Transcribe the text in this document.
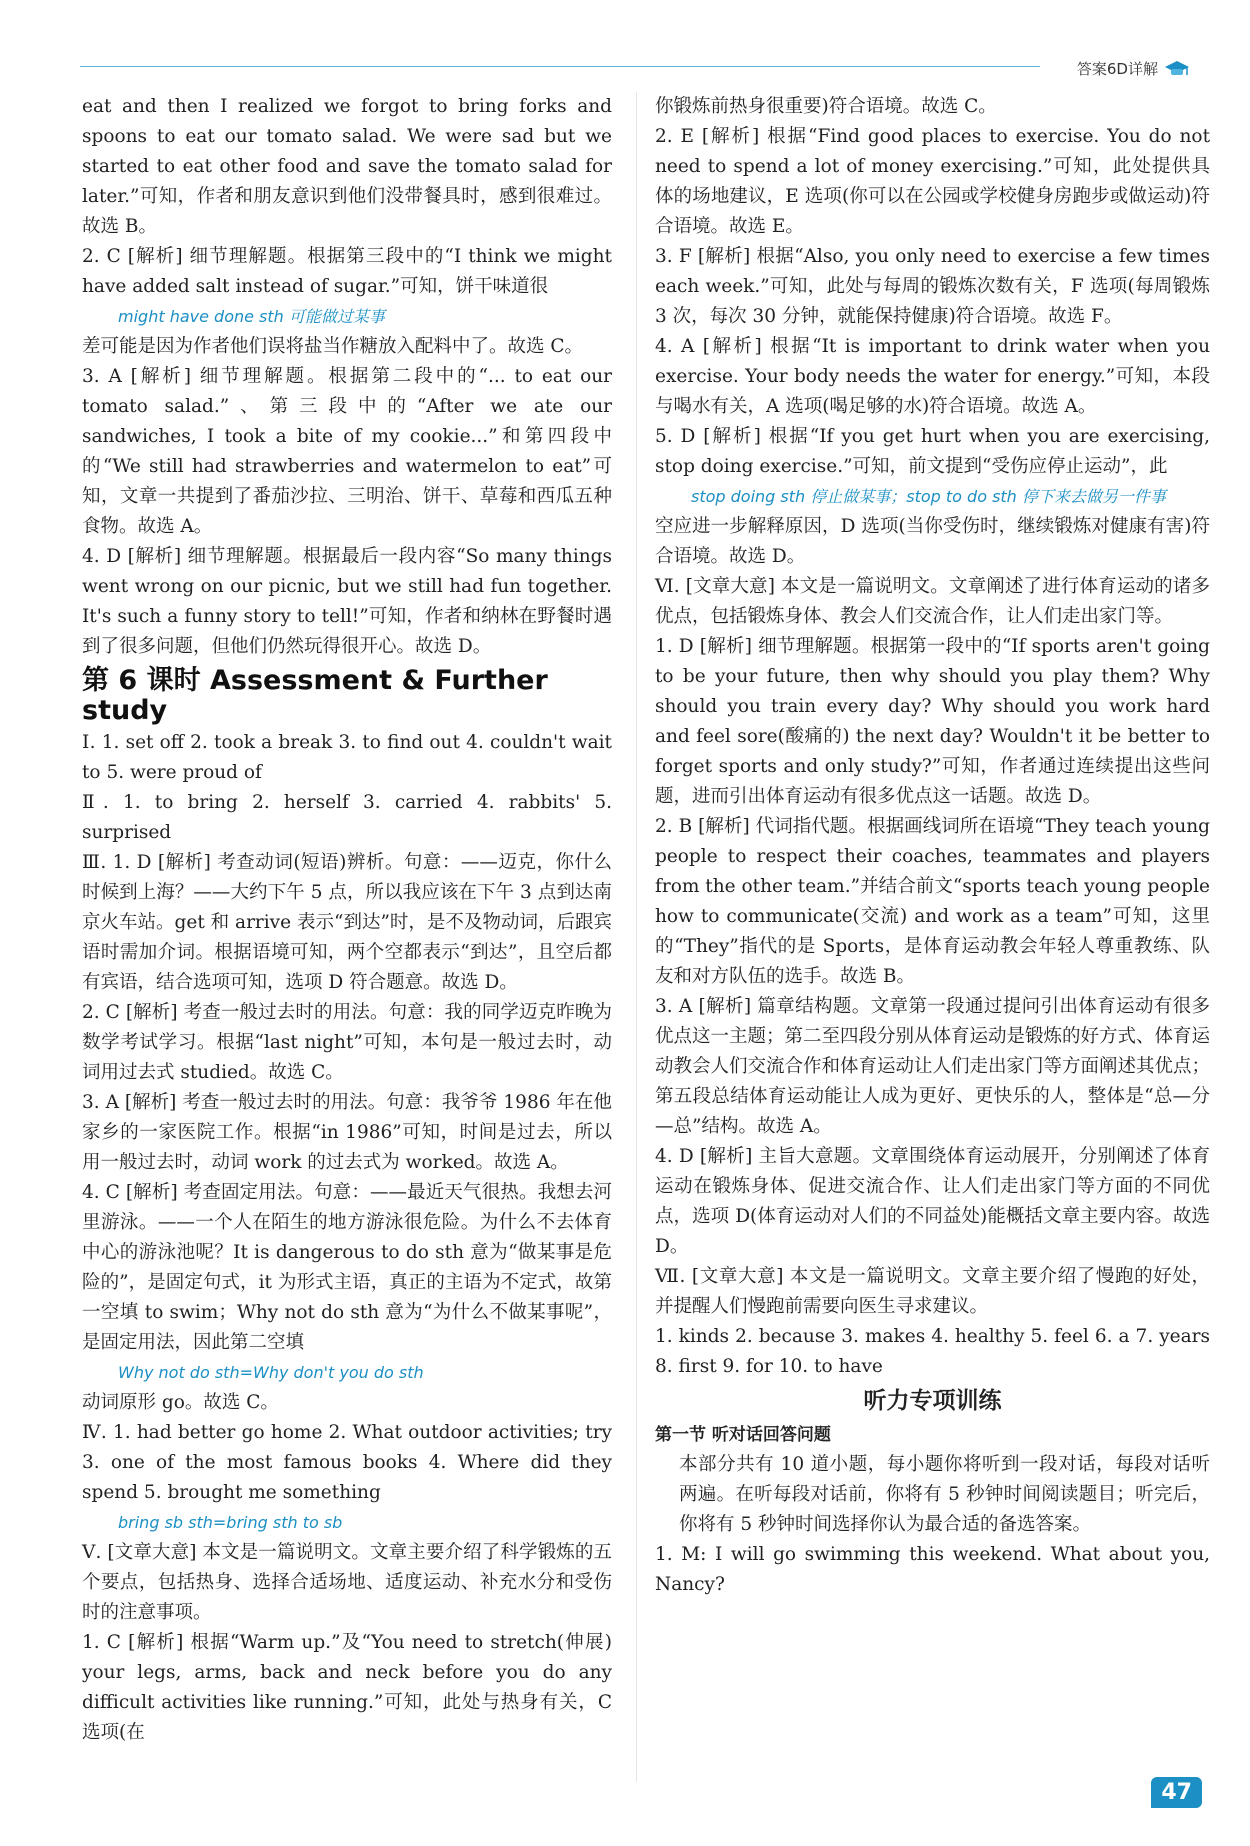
答案6D详解

eat and then I realized we forgot to bring forks and spoons to eat our tomato salad. We were sad but we started to eat other food and save the tomato salad for later.”可知，作者和朋友意识到他们没带餐具时，感到很难过。故选 B。

2. C [解析] 细节理解题。根据第三段中的“I think we might have added salt instead of sugar.”可知，饼干味道很

might have done sth 可能做过某事

差可能是因为作者他们误将盐当作糖放入配料中了。故选 C。

3. A [解析] 细节理解题。根据第二段中的“... to eat our tomato salad.”、第三段中的“After we ate our sandwiches, I took a bite of my cookie...”和第四段中的“We still had strawberries and watermelon to eat”可知，文章一共提到了番茄沙拉、三明治、饼干、草莓和西瓜五种食物。故选 A。

4. D [解析] 细节理解题。根据最后一段内容“So many things went wrong on our picnic, but we still had fun together. It's such a funny story to tell!”可知，作者和纳林在野餐时遇到了很多问题，但他们仍然玩得很开心。故选 D。

第 6 课时 Assessment & Further study

Ⅰ. 1. set off 2. took a break 3. to find out 4. couldn't wait to 5. were proud of

Ⅱ. 1. to bring 2. herself 3. carried 4. rabbits' 5. surprised

Ⅲ. 1. D [解析] 考查动词(短语)辨析。句意：——迈克，你什么时候到上海？——大约下午 5 点，所以我应该在下午 3 点到达南京火车站。get 和 arrive 表示“到达”时，是不及物动词，后跟宾语时需加介词。根据语境可知，两个空都表示“到达”，且空后都有宾语，结合选项可知，选项 D 符合题意。故选 D。

2. C [解析] 考查一般过去时的用法。句意：我的同学迈克昨晚为数学考试学习。根据“last night”可知，本句是一般过去时，动词用过去式 studied。故选 C。

3. A [解析] 考查一般过去时的用法。句意：我爷爷 1986 年在他家乡的一家医院工作。根据“in 1986”可知，时间是过去，所以用一般过去时，动词 work 的过去式为 worked。故选 A。

4. C [解析] 考查固定用法。句意：——最近天气很热。我想去河里游泳。——一个人在陌生的地方游泳很危险。为什么不去体育中心的游泳池呢？It is dangerous to do sth 意为“做某事是危险的”，是固定句式，it 为形式主语，真正的主语为不定式，故第一空填 to swim；Why not do sth 意为“为什么不做某事呢”，是固定用法，因此第二空填

Why not do sth=Why don't you do sth

动词原形 go。故选 C。

Ⅳ. 1. had better go home 2. What outdoor activities; try 3. one of the most famous books 4. Where did they spend 5. brought me something

bring sb sth=bring sth to sb

Ⅴ. [文章大意] 本文是一篇说明文。文章主要介绍了科学锻炼的五个要点，包括热身、选择合适场地、适度运动、补充水分和受伤时的注意事项。

1. C [解析] 根据“Warm up.”及“You need to stretch(伸展) your legs, arms, back and neck before you do any difficult activities like running.”可知，此处与热身有关，C 选项(在

你锻炼前热身很重要)符合语境。故选 C。

2. E [解析] 根据“Find good places to exercise. You do not need to spend a lot of money exercising.”可知，此处提供具体的场地建议，E 选项(你可以在公园或学校健身房跑步或做运动)符合语境。故选 E。

3. F [解析] 根据“Also, you only need to exercise a few times each week.”可知，此处与每周的锻炼次数有关，F 选项(每周锻炼 3 次，每次 30 分钟，就能保持健康)符合语境。故选 F。

4. A [解析] 根据“It is important to drink water when you exercise. Your body needs the water for energy.”可知，本段与喝水有关，A 选项(喝足够的水)符合语境。故选 A。

5. D [解析] 根据“If you get hurt when you are exercising, stop doing exercise.”可知，前文提到“受伤应停止运动”，此

stop doing sth 停止做某事；stop to do sth 停下来去做另一件事

空应进一步解释原因，D 选项(当你受伤时，继续锻炼对健康有害)符合语境。故选 D。

Ⅵ. [文章大意] 本文是一篇说明文。文章阐述了进行体育运动的诸多优点，包括锻炼身体、教会人们交流合作，让人们走出家门等。

1. D [解析] 细节理解题。根据第一段中的“If sports aren't going to be your future, then why should you play them? Why should you train every day? Why should you work hard and feel sore(酸痛的) the next day? Wouldn't it be better to forget sports and only study?”可知，作者通过连续提出这些问题，进而引出体育运动有很多优点这一话题。故选 D。

2. B [解析] 代词指代题。根据画线词所在语境“They teach young people to respect their coaches, teammates and players from the other team.”并结合前文“sports teach young people how to communicate(交流) and work as a team”可知，这里的“They”指代的是 Sports，是体育运动教会年轻人尊重教练、队友和对方队伍的选手。故选 B。

3. A [解析] 篇章结构题。文章第一段通过提问引出体育运动有很多优点这一主题；第二至四段分别从体育运动是锻炼的好方式、体育运动教会人们交流合作和体育运动让人们走出家门等方面阐述其优点；第五段总结体育运动能让人成为更好、更快乐的人，整体是“总—分—总”结构。故选 A。

4. D [解析] 主旨大意题。文章围绕体育运动展开，分别阐述了体育运动在锻炼身体、促进交流合作、让人们走出家门等方面的不同优点，选项 D(体育运动对人们的不同益处)能概括文章主要内容。故选 D。

Ⅶ. [文章大意] 本文是一篇说明文。文章主要介绍了慢跑的好处，并提醒人们慢跑前需要向医生寻求建议。

1. kinds 2. because 3. makes 4. healthy 5. feel 6. a 7. years 8. first 9. for 10. to have

听力专项训练

第一节 听对话回答问题

本部分共有 10 道小题，每小题你将听到一段对话，每段对话听两遍。在听每段对话前，你将有 5 秒钟时间阅读题目；听完后，你将有 5 秒钟时间选择你认为最合适的备选答案。

1. M: I will go swimming this weekend. What about you, Nancy?

47
